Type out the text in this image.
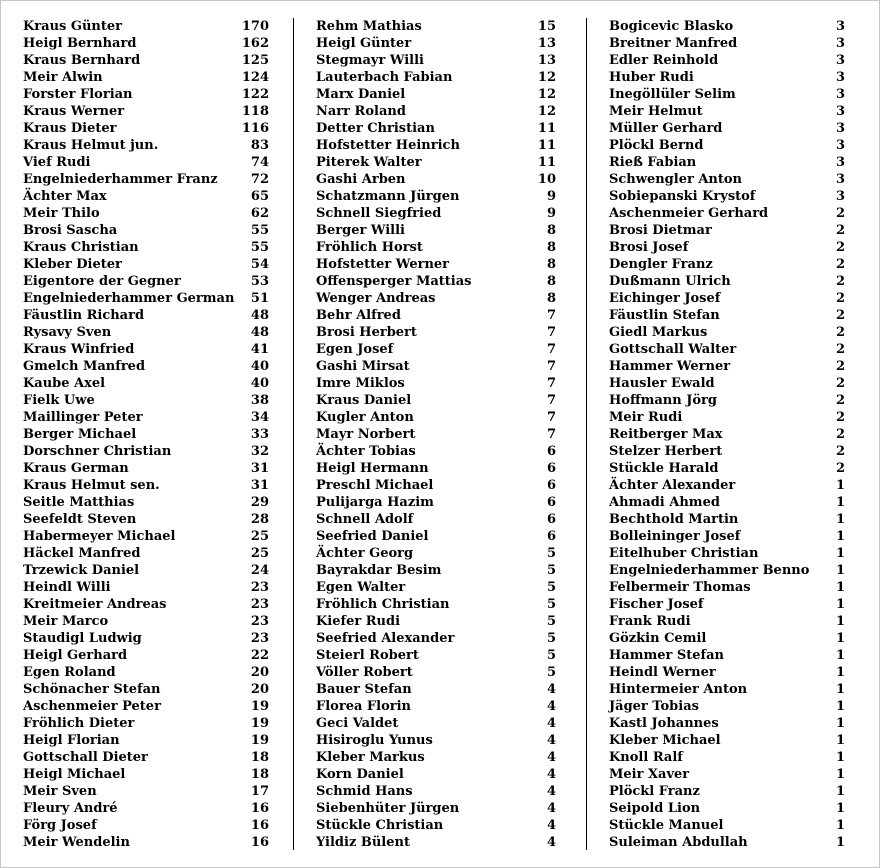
Kraus Günter	170
Heigl Bernhard	162
Kraus Bernhard	125
Meir Alwin	124
Forster Florian	122
Kraus Werner	118
Kraus Dieter	116
Kraus Helmut jun.	83
Vief Rudi	74
Engelniederhammer Franz	72
Ächter Max	65
Meir Thilo	62
Brosi Sascha	55
Kraus Christian	55
Kleber Dieter	54
Eigentore der Gegner	53
Engelniederhammer German 51
Fäustlin Richard	48
Rysavy Sven	48
Kraus Winfried	41
Gmelch Manfred	40
Kaube Axel	40
Fielk Uwe	38
Maillinger Peter	34
Berger Michael	33
Dorschner Christian	32
Kraus German	31
Kraus Helmut sen.	31
Seitle Matthias	29
Seefeldt Steven	28
Habermeyer Michael	25
Häckel Manfred	25
Trzewick Daniel	24
Heindl Willi	23
Kreitmeier Andreas	23
Meir Marco	23
Staudigl Ludwig	23
Heigl Gerhard	22
Egen Roland	20
Schönacher Stefan	20
Aschenmeier Peter	19
Fröhlich Dieter	19
Heigl Florian	19
Gottschall Dieter	18
Heigl Michael	18
Meir Sven	17
Fleury André	16
Förg Josef	16
Meir Wendelin	16
Rehm Mathias	15
Heigl Günter	13
Stegmayr Willi	13
Lauterbach Fabian	12
Marx Daniel	12
Narr Roland	12
Detter Christian	11
Hofstetter Heinrich	11
Piterek Walter	11
Gashi Arben	10
Schatzmann Jürgen	9
Schnell Siegfried	9
Berger Willi	8
Fröhlich Horst	8
Hofstetter Werner	8
Offensperger Mattias	8
Wenger Andreas	8
Behr Alfred	7
Brosi Herbert	7
Egen Josef	7
Gashi Mirsat	7
Imre Miklos	7
Kraus Daniel	7
Kugler Anton	7
Mayr Norbert	7
Ächter Tobias	6
Heigl Hermann	6
Preschl Michael	6
Pulijarga Hazim	6
Schnell Adolf	6
Seefried Daniel	6
Ächter Georg	5
Bayrakdar Besim	5
Egen Walter	5
Fröhlich Christian	5
Kiefer Rudi	5
Seefried Alexander	5
Steierl Robert	5
Völler Robert	5
Bauer Stefan	4
Florea Florin	4
Geci Valdet	4
Hisiroglu Yunus	4
Kleber Markus	4
Korn Daniel	4
Schmid Hans	4
Siebenhüter Jürgen	4
Stückle Christian	4
Yildiz Bülent	4
Bogicevic Blasko	3
Breitner Manfred	3
Edler Reinhold	3
Huber Rudi	3
Inegöllüler Selim	3
Meir Helmut	3
Müller Gerhard	3
Plöckl Bernd	3
Rieß Fabian	3
Schwengler Anton	3
Sobiepanski Krystof	3
Aschenmeier Gerhard	2
Brosi Dietmar	2
Brosi Josef	2
Dengler Franz	2
Dußmann Ulrich	2
Eichinger Josef	2
Fäustlin Stefan	2
Giedl Markus	2
Gottschall Walter	2
Hammer Werner	2
Hausler Ewald	2
Hoffmann Jörg	2
Meir Rudi	2
Reitberger Max	2
Stelzer Herbert	2
Stückle Harald	2
Ächter Alexander	1
Ahmadi Ahmed	1
Bechthold Martin	1
Bolleininger Josef	1
Eitelhuber Christian	1
Engelniederhammer Benno 1
Felbermeir Thomas	1
Fischer Josef	1
Frank Rudi	1
Gözkin Cemil	1
Hammer Stefan	1
Heindl Werner	1
Hintermeier Anton	1
Jäger Tobias	1
Kastl Johannes	1
Kleber Michael	1
Knoll Ralf	1
Meir Xaver	1
Plöckl Franz	1
Seipold Lion	1
Stückle Manuel	1
Suleiman Abdullah	1
